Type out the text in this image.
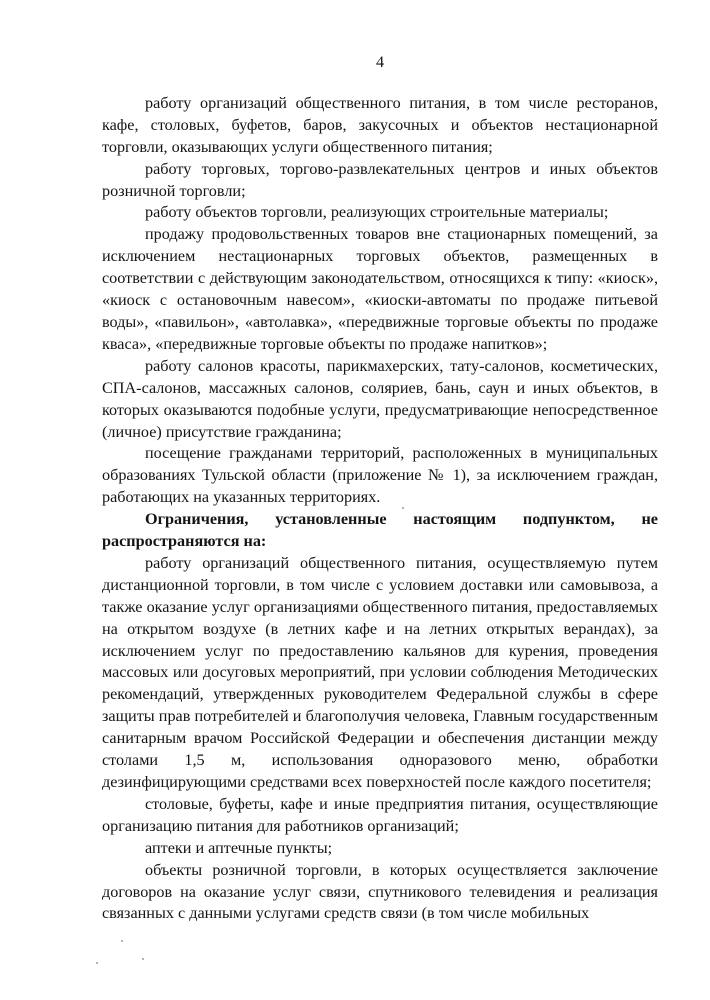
4

работу организаций общественного питания, в том числе ресторанов, кафе, столовых, буфетов, баров, закусочных и объектов нестационарной торговли, оказывающих услуги общественного питания;

работу торговых, торгово-развлекательных центров и иных объектов розничной торговли;

работу объектов торговли, реализующих строительные материалы;

продажу продовольственных товаров вне стационарных помещений, за исключением нестационарных торговых объектов, размещенных в соответствии с действующим законодательством, относящихся к типу: «киоск», «киоск с остановочным навесом», «киоски-автоматы по продаже питьевой воды», «павильон», «автолавка», «передвижные торговые объекты по продаже кваса», «передвижные торговые объекты по продаже напитков»;

работу салонов красоты, парикмахерских, тату-салонов, косметических, СПА-салонов, массажных салонов, соляриев, бань, саун и иных объектов, в которых оказываются подобные услуги, предусматривающие непосредственное (личное) присутствие гражданина;

посещение гражданами территорий, расположенных в муниципальных образованиях Тульской области (приложение № 1), за исключением граждан, работающих на указанных территориях.

Ограничения, установленные настоящим подпунктом, не распространяются на:

работу организаций общественного питания, осуществляемую путем дистанционной торговли, в том числе с условием доставки или самовывоза, а также оказание услуг организациями общественного питания, предоставляемых на открытом воздухе (в летних кафе и на летних открытых верандах), за исключением услуг по предоставлению кальянов для курения, проведения массовых или досуговых мероприятий, при условии соблюдения Методических рекомендаций, утвержденных руководителем Федеральной службы в сфере защиты прав потребителей и благополучия человека, Главным государственным санитарным врачом Российской Федерации и обеспечения дистанции между столами 1,5 м, использования одноразового меню, обработки дезинфицирующими средствами всех поверхностей после каждого посетителя;

столовые, буфеты, кафе и иные предприятия питания, осуществляющие организацию питания для работников организаций;

аптеки и аптечные пункты;

объекты розничной торговли, в которых осуществляется заключение договоров на оказание услуг связи, спутникового телевидения и реализация связанных с данными услугами средств связи (в том числе мобильных
